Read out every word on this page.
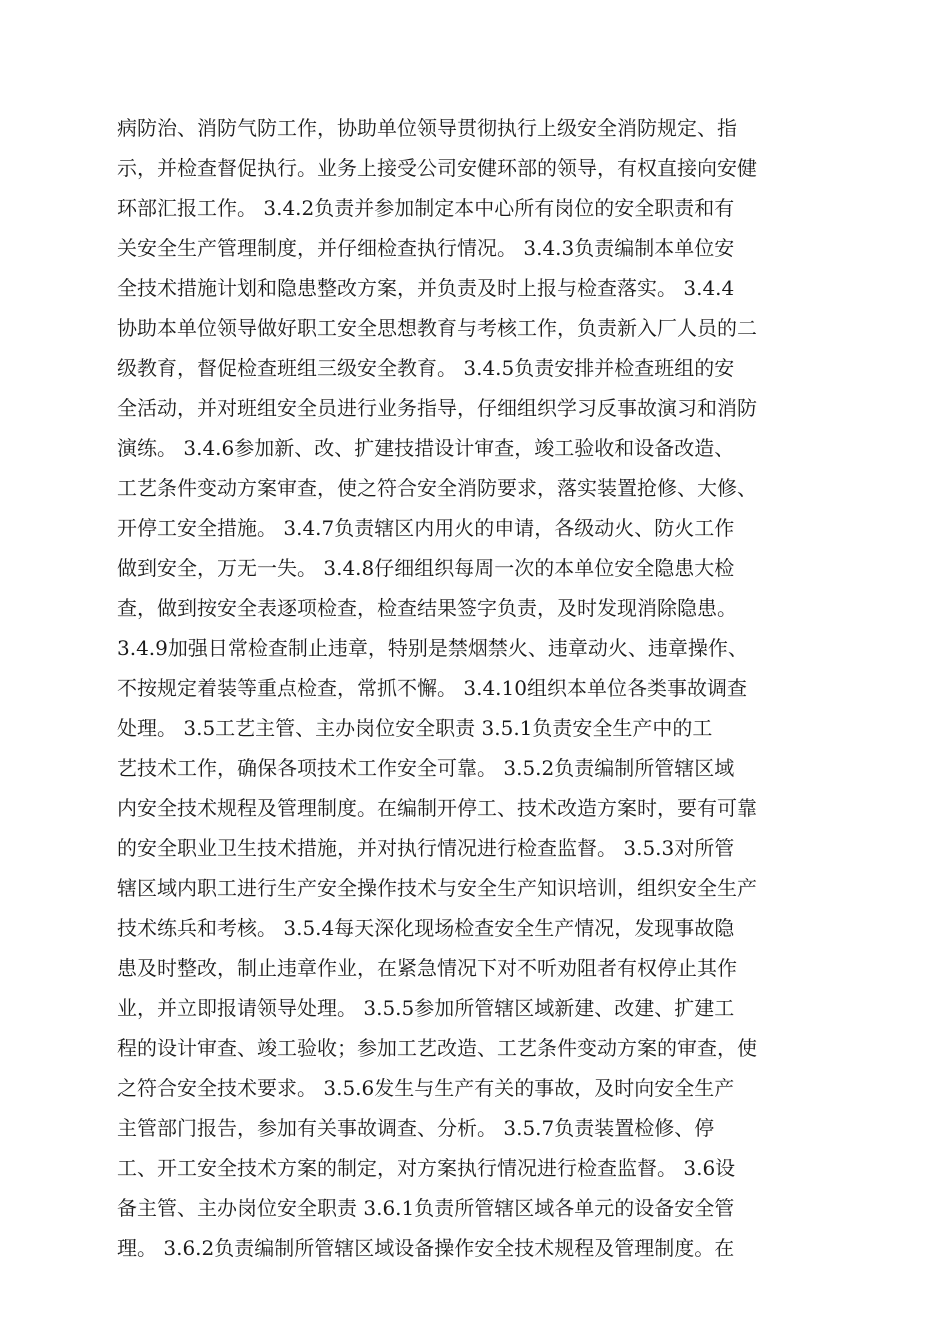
病防治、消防气防工作，协助单位领导贯彻执行上级安全消防规定、指
示，并检查督促执行。业务上接受公司安健环部的领导，有权直接向安健
环部汇报工作。 3.4.2负责并参加制定本中心所有岗位的安全职责和有
关安全生产管理制度，并仔细检查执行情况。 3.4.3负责编制本单位安
全技术措施计划和隐患整改方案，并负责及时上报与检查落实。 3.4.4
协助本单位领导做好职工安全思想教育与考核工作，负责新入厂人员的二
级教育，督促检查班组三级安全教育。 3.4.5负责安排并检查班组的安
全活动，并对班组安全员进行业务指导，仔细组织学习反事故演习和消防
演练。 3.4.6参加新、改、扩建技措设计审查，竣工验收和设备改造、
工艺条件变动方案审查，使之符合安全消防要求，落实装置抢修、大修、
开停工安全措施。 3.4.7负责辖区内用火的申请，各级动火、防火工作
做到安全，万无一失。 3.4.8仔细组织每周一次的本单位安全隐患大检
查，做到按安全表逐项检查，检查结果签字负责，及时发现消除隐患。
3.4.9加强日常检查制止违章，特别是禁烟禁火、违章动火、违章操作、
不按规定着装等重点检查，常抓不懈。 3.4.10组织本单位各类事故调查
处理。 3.5工艺主管、主办岗位安全职责 3.5.1负责安全生产中的工
艺技术工作，确保各项技术工作安全可靠。 3.5.2负责编制所管辖区域
内安全技术规程及管理制度。在编制开停工、技术改造方案时，要有可靠
的安全职业卫生技术措施，并对执行情况进行检查监督。 3.5.3对所管
辖区域内职工进行生产安全操作技术与安全生产知识培训，组织安全生产
技术练兵和考核。 3.5.4每天深化现场检查安全生产情况，发现事故隐
患及时整改，制止违章作业，在紧急情况下对不听劝阻者有权停止其作
业，并立即报请领导处理。 3.5.5参加所管辖区域新建、改建、扩建工
程的设计审查、竣工验收；参加工艺改造、工艺条件变动方案的审查，使
之符合安全技术要求。 3.5.6发生与生产有关的事故，及时向安全生产
主管部门报告，参加有关事故调查、分析。 3.5.7负责装置检修、停
工、开工安全技术方案的制定，对方案执行情况进行检查监督。 3.6设
备主管、主办岗位安全职责 3.6.1负责所管辖区域各单元的设备安全管
理。 3.6.2负责编制所管辖区域设备操作安全技术规程及管理制度。在
